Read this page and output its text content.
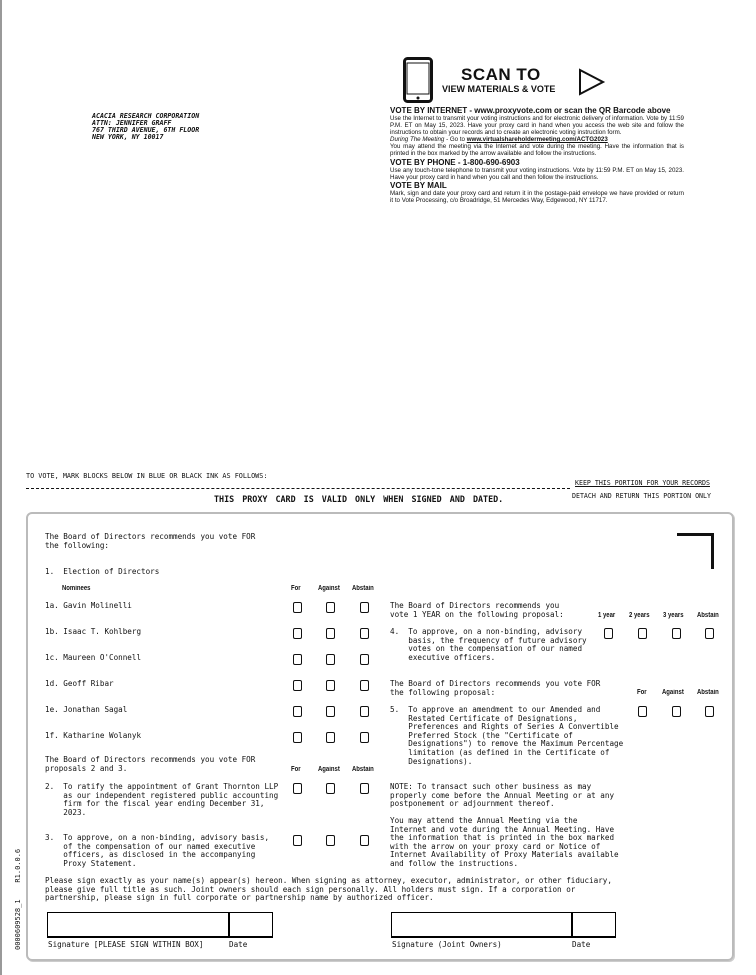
ACACIA RESEARCH CORPORATION
ATTN: JENNIFER GRAFF
767 THIRD AVENUE, 6TH FLOOR
NEW YORK, NY 10017
SCAN TO
VIEW MATERIALS & VOTE
VOTE BY INTERNET - www.proxyvote.com or scan the QR Barcode above
Use the Internet to transmit your voting instructions and for electronic delivery of information. Vote by 11:59 P.M. ET on May 15, 2023. Have your proxy card in hand when you access the web site and follow the instructions to obtain your records and to create an electronic voting instruction form.
During The Meeting - Go to www.virtualshareholdermeeting.com/ACTG2023
You may attend the meeting via the Internet and vote during the meeting. Have the information that is printed in the box marked by the arrow available and follow the instructions.
VOTE BY PHONE - 1-800-690-6903
Use any touch-tone telephone to transmit your voting instructions. Vote by 11:59 P.M. ET on May 15, 2023. Have your proxy card in hand when you call and then follow the instructions.
VOTE BY MAIL
Mark, sign and date your proxy card and return it in the postage-paid envelope we have provided or return it to Vote Processing, c/o Broadridge, 51 Mercedes Way, Edgewood, NY 11717.
TO VOTE, MARK BLOCKS BELOW IN BLUE OR BLACK INK AS FOLLOWS:
KEEP THIS PORTION FOR YOUR RECORDS
DETACH AND RETURN THIS PORTION ONLY
THIS PROXY CARD IS VALID ONLY WHEN SIGNED AND DATED.
The Board of Directors recommends you vote FOR
the following:
1.  Election of Directors
Nominees	For Against Abstain
1a. Gavin Molinelli
1b. Isaac T. Kohlberg
1c. Maureen O'Connell
1d. Geoff Ribar
1e. Jonathan Sagal
1f. Katharine Wolanyk
The Board of Directors recommends you vote FOR
proposals 2 and 3.	For Against Abstain
2.  To ratify the appointment of Grant Thornton LLP
as our independent registered public accounting
firm for the fiscal year ending December 31,
2023.
3.  To approve, on a non-binding, advisory basis,
of the compensation of our named executive
officers, as disclosed in the accompanying
Proxy Statement.
The Board of Directors recommends you
vote 1 YEAR on the following proposal:	1 year 2 years 3 years Abstain
4.  To approve, on a non-binding, advisory
basis, the frequency of future advisory
votes on the compensation of our named
executive officers.
The Board of Directors recommends you vote FOR
the following proposal:	For Against Abstain
5.  To approve an amendment to our Amended and
Restated Certificate of Designations,
Preferences and Rights of Series A Convertible
Preferred Stock (the "Certificate of
Designations") to remove the Maximum Percentage
limitation (as defined in the Certificate of
Designations).
NOTE: To transact such other business as may
properly come before the Annual Meeting or at any
postponement or adjournment thereof.
You may attend the Annual Meeting via the
Internet and vote during the Annual Meeting. Have
the information that is printed in the box marked
with the arrow on your proxy card or Notice of
Internet Availability of Proxy Materials available
and follow the instructions.
Please sign exactly as your name(s) appear(s) hereon. When signing as attorney, executor, administrator, or other fiduciary,
please give full title as such. Joint owners should each sign personally. All holders must sign. If a corporation or
partnership, please sign in full corporate or partnership name by authorized officer.
Signature [PLEASE SIGN WITHIN BOX]	Date	Signature (Joint Owners)	Date
0000609528_1    R1.0.0.6
